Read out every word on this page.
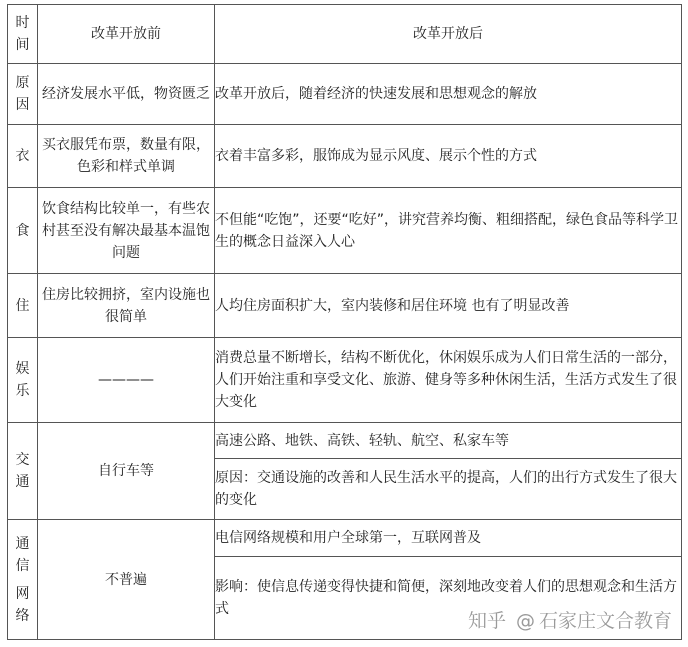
时
间	改革开放前	改革开放后

原
因	经济发展水平低，物资匮乏	改革开放后，随着经济的快速发展和思想观念的解放
衣	买衣服凭布票，数量有限，色彩和样式单调	衣着丰富多彩，服饰成为显示风度、展示个性的方式
食	饮食结构比较单一，有些农村甚至没有解决最基本温饱问题	不但能“吃饱”，还要“吃好”，讲究营养均衡、粗细搭配，绿色食品等科学卫生的概念日益深入人心
住	住房比较拥挤，室内设施也很简单	人均住房面积扩大，室内装修和居住环境 也有了明显改善

娱
乐	————	消费总量不断增长，结构不断优化，休闲娱乐成为人们日常生活的一部分，人们开始注重和享受文化、旅游、健身等多种休闲生活，生活方式发生了很大变化

交
通	自行车等	高速公路、地铁、高铁、轻轨、航空、私家车等
		原因：交通设施的改善和人民生活水平的提高，人们的出行方式发生了很大的变化

通
信
网
络	不普遍	电信网络规模和用户全球第一，互联网普及
		影响：使信息传递变得快捷和简便，深刻地改变着人们的思想观念和生活方式
知乎 @ 石家庄文合教育
